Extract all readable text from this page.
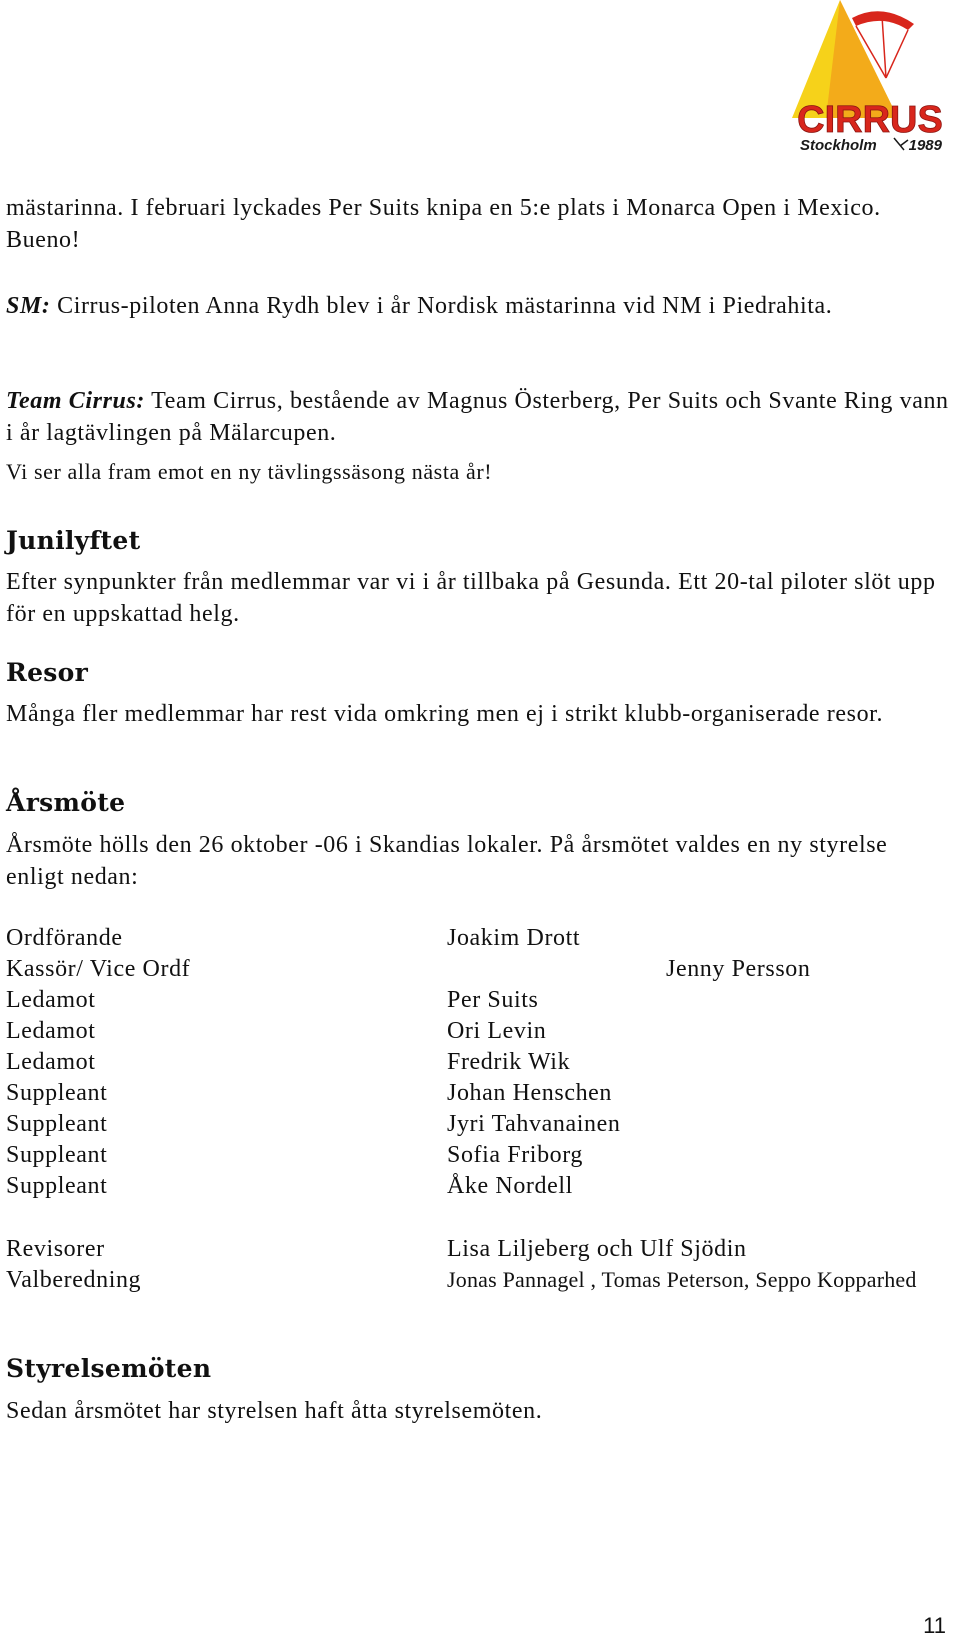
CIRRUS
Stockholm 1989
mästarinna. I februari lyckades Per Suits knipa en 5:e plats i Monarca Open i Mexico. Bueno!
SM: Cirrus-piloten Anna Rydh blev i år Nordisk mästarinna vid NM i Piedrahita.
Team Cirrus: Team Cirrus, bestående av Magnus Österberg, Per Suits och Svante Ring vann i år lagtävlingen på Mälarcupen.
Vi ser alla fram emot en ny tävlingssäsong nästa år!
Junilyftet
Efter synpunkter från medlemmar var vi i år tillbaka på Gesunda. Ett 20-tal piloter slöt upp för en uppskattad helg.
Resor
Många fler medlemmar har rest vida omkring men ej i strikt klubb-organiserade resor.
Årsmöte
Årsmöte hölls den 26 oktober -06 i Skandias lokaler. På årsmötet valdes en ny styrelse enligt nedan:
Ordförande	Joakim Drott
Kassör/ Vice Ordf	Jenny Persson
Ledamot	Per Suits
Ledamot	Ori Levin
Ledamot	Fredrik Wik
Suppleant	Johan Henschen
Suppleant	Jyri Tahvanainen
Suppleant	Sofia Friborg
Suppleant	Åke Nordell
Revisorer	Lisa Liljeberg och Ulf Sjödin
Valberedning	Jonas Pannagel , Tomas Peterson, Seppo Kopparhed
Styrelsemöten
Sedan årsmötet har styrelsen haft åtta styrelsemöten.
11
